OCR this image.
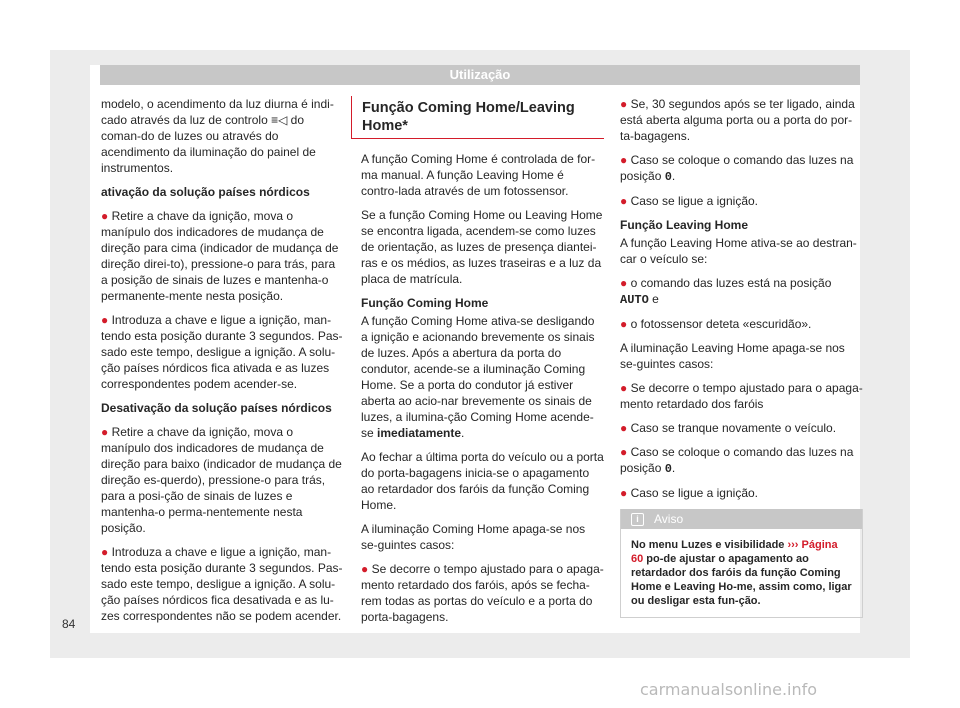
Utilização

modelo, o acendimento da luz diurna é indi-cado através da luz de controlo ≡◁ do coman-do de luzes ou através do acendimento da iluminação do painel de instrumentos.

ativação da solução países nórdicos

● Retire a chave da ignição, mova o manípulo dos indicadores de mudança de direção para cima (indicador de mudança de direção direi-to), pressione-o para trás, para a posição de sinais de luzes e mantenha-o permanente-mente nesta posição.

● Introduza a chave e ligue a ignição, man-tendo esta posição durante 3 segundos. Pas-sado este tempo, desligue a ignição. A solu-ção países nórdicos fica ativada e as luzes correspondentes podem acender-se.

Desativação da solução países nórdicos

● Retire a chave da ignição, mova o manípulo dos indicadores de mudança de direção para baixo (indicador de mudança de direção es-querdo), pressione-o para trás, para a posi-ção de sinais de luzes e mantenha-o perma-nentemente nesta posição.

● Introduza a chave e ligue a ignição, man-tendo esta posição durante 3 segundos. Pas-sado este tempo, desligue a ignição. A solu-ção países nórdicos fica desativada e as lu-zes correspondentes não se podem acender.

Função Coming Home/Leaving Home*

A função Coming Home é controlada de for-ma manual. A função Leaving Home é contro-lada através de um fotossensor.

Se a função Coming Home ou Leaving Home se encontra ligada, acendem-se como luzes de orientação, as luzes de presença diantei-ras e os médios, as luzes traseiras e a luz da placa de matrícula.

Função Coming Home

A função Coming Home ativa-se desligando a ignição e acionando brevemente os sinais de luzes. Após a abertura da porta do condutor, acende-se a iluminação Coming Home. Se a porta do condutor já estiver aberta ao acio-nar brevemente os sinais de luzes, a ilumina-ção Coming Home acende-se imediatamente.

Ao fechar a última porta do veículo ou a porta do porta-bagagens inicia-se o apagamento ao retardador dos faróis da função Coming Home.

A iluminação Coming Home apaga-se nos se-guintes casos:

● Se decorre o tempo ajustado para o apaga-mento retardado dos faróis, após se fecha-rem todas as portas do veículo e a porta do porta-bagagens.

● Se, 30 segundos após se ter ligado, ainda está aberta alguma porta ou a porta do por-ta-bagagens.

● Caso se coloque o comando das luzes na posição 0.

● Caso se ligue a ignição.

Função Leaving Home

A função Leaving Home ativa-se ao destran-car o veículo se:

● o comando das luzes está na posição AUTO e

● o fotossensor deteta «escuridão».

A iluminação Leaving Home apaga-se nos se-guintes casos:

● Se decorre o tempo ajustado para o apaga-mento retardado dos faróis

● Caso se tranque novamente o veículo.

● Caso se coloque o comando das luzes na posição 0.

● Caso se ligue a ignição.

i	Aviso
No menu Luzes e visibilidade ››› Página 60 po-de ajustar o apagamento ao retardador dos faróis da função Coming Home e Leaving Ho-me, assim como, ligar ou desligar esta fun-ção.
84
carmanualsonline.info
